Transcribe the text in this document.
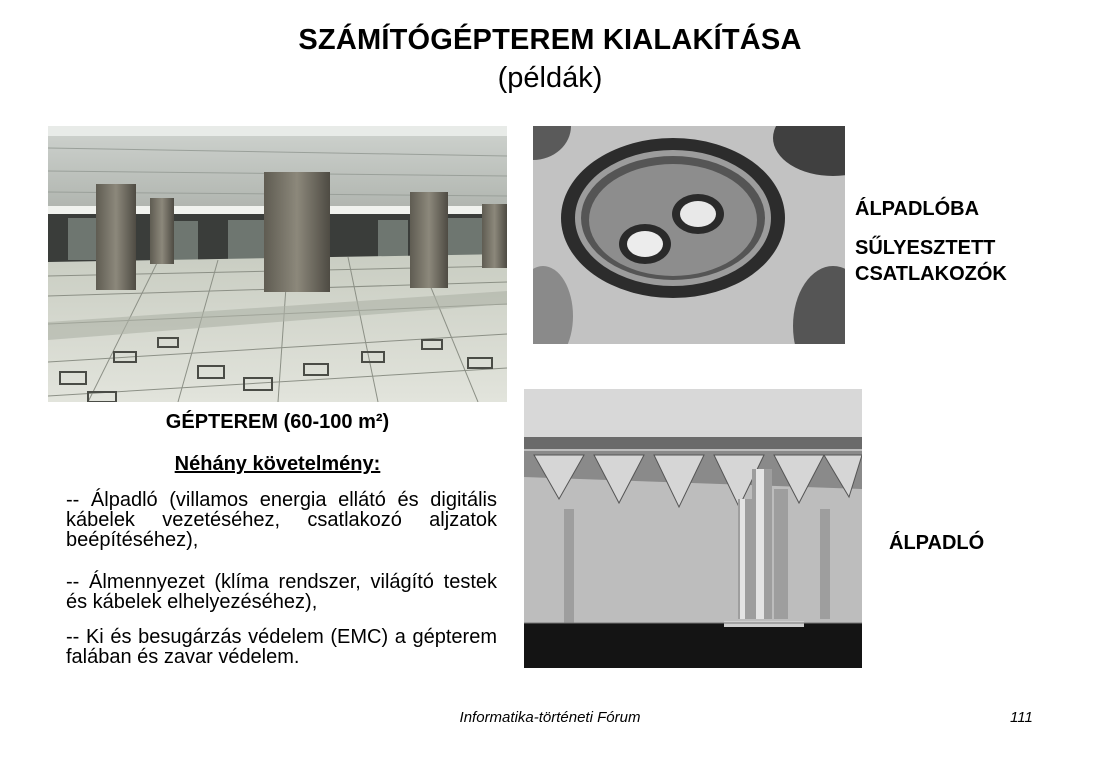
SZÁMÍTÓGÉPTEREM KIALAKÍTÁSA
(példák)
GÉPTEREM (60-100 m²)
Néhány követelmény:
-- Álpadló (villamos energia ellátó és digitális kábelek vezetéséhez, csatlakozó aljzatok beépítéséhez),
-- Álmennyezet (klíma rendszer, világító testek és kábelek elhelyezéséhez),
-- Ki és besugárzás védelem (EMC) a gépterem falában és zavar védelem.
ÁLPADLÓBA
SŰLYESZTETT CSATLAKOZÓK
ÁLPADLÓ
Informatika-történeti Fórum	111
